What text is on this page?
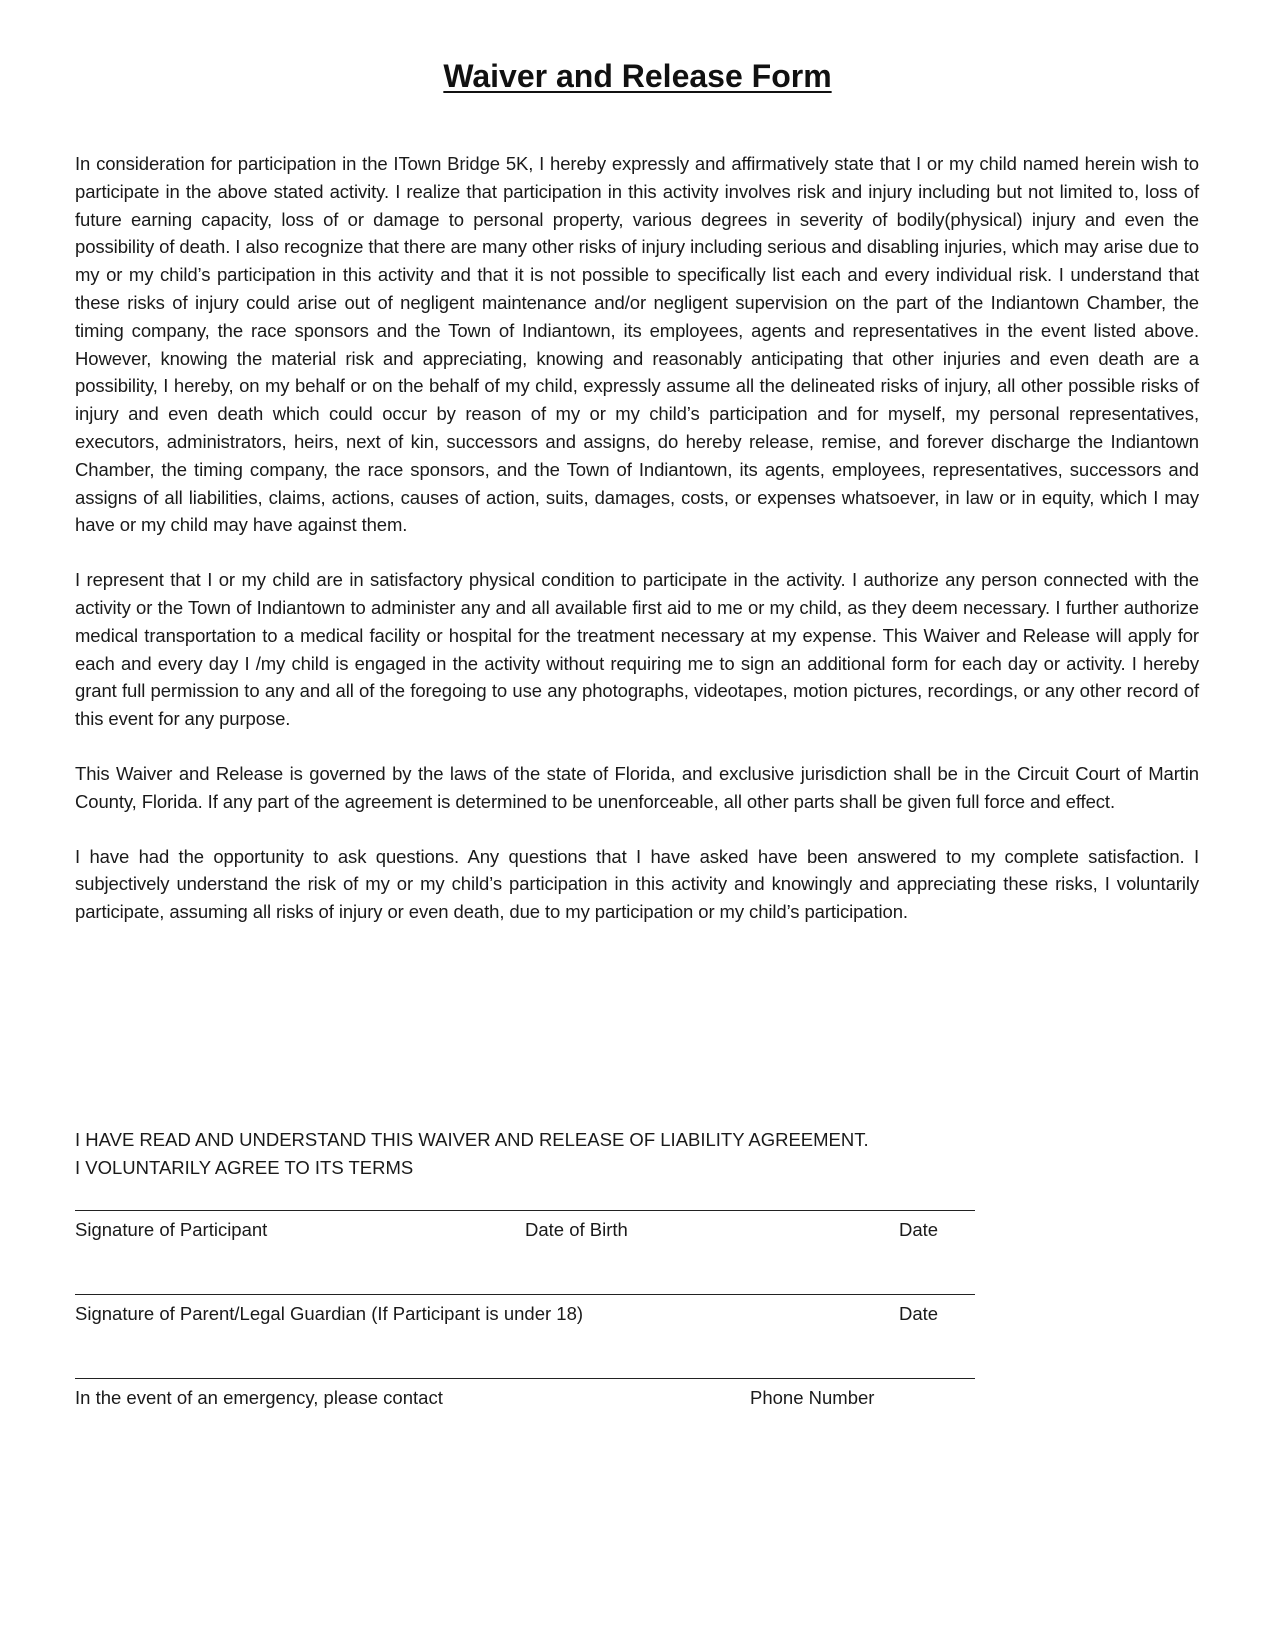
Waiver and Release Form

In consideration for participation in the ITown Bridge 5K, I hereby expressly and affirmatively state that I or my child named herein wish to participate in the above stated activity. I realize that participation in this activity involves risk and injury including but not limited to, loss of future earning capacity, loss of or damage to personal property, various degrees in severity of bodily(physical) injury and even the possibility of death. I also recognize that there are many other risks of injury including serious and disabling injuries, which may arise due to my or my child’s participation in this activity and that it is not possible to specifically list each and every individual risk. I understand that these risks of injury could arise out of negligent maintenance and/or negligent supervision on the part of the Indiantown Chamber, the timing company, the race sponsors and the Town of Indiantown, its employees, agents and representatives in the event listed above. However, knowing the material risk and appreciating, knowing and reasonably anticipating that other injuries and even death are a possibility, I hereby, on my behalf or on the behalf of my child, expressly assume all the delineated risks of injury, all other possible risks of injury and even death which could occur by reason of my or my child’s participation and for myself, my personal representatives, executors, administrators, heirs, next of kin, successors and assigns, do hereby release, remise, and forever discharge the Indiantown Chamber, the timing company, the race sponsors, and the Town of Indiantown, its agents, employees, representatives, successors and assigns of all liabilities, claims, actions, causes of action, suits, damages, costs, or expenses whatsoever, in law or in equity, which I may have or my child may have against them.

I represent that I or my child are in satisfactory physical condition to participate in the activity. I authorize any person connected with the activity or the Town of Indiantown to administer any and all available first aid to me or my child, as they deem necessary. I further authorize medical transportation to a medical facility or hospital for the treatment necessary at my expense. This Waiver and Release will apply for each and every day I /my child is engaged in the activity without requiring me to sign an additional form for each day or activity. I hereby grant full permission to any and all of the foregoing to use any photographs, videotapes, motion pictures, recordings, or any other record of this event for any purpose.

This Waiver and Release is governed by the laws of the state of Florida, and exclusive jurisdiction shall be in the Circuit Court of Martin County, Florida. If any part of the agreement is determined to be unenforceable, all other parts shall be given full force and effect.

I have had the opportunity to ask questions. Any questions that I have asked have been answered to my complete satisfaction. I subjectively understand the risk of my or my child’s participation in this activity and knowingly and appreciating these risks, I voluntarily participate, assuming all risks of injury or even death, due to my participation or my child’s participation.

I HAVE READ AND UNDERSTAND THIS WAIVER AND RELEASE OF LIABILITY AGREEMENT.
I VOLUNTARILY AGREE TO ITS TERMS
Signature of Participant	Date of Birth	Date
Signature of Parent/Legal Guardian (If Participant is under 18)	Date
In the event of an emergency, please contact	Phone Number
